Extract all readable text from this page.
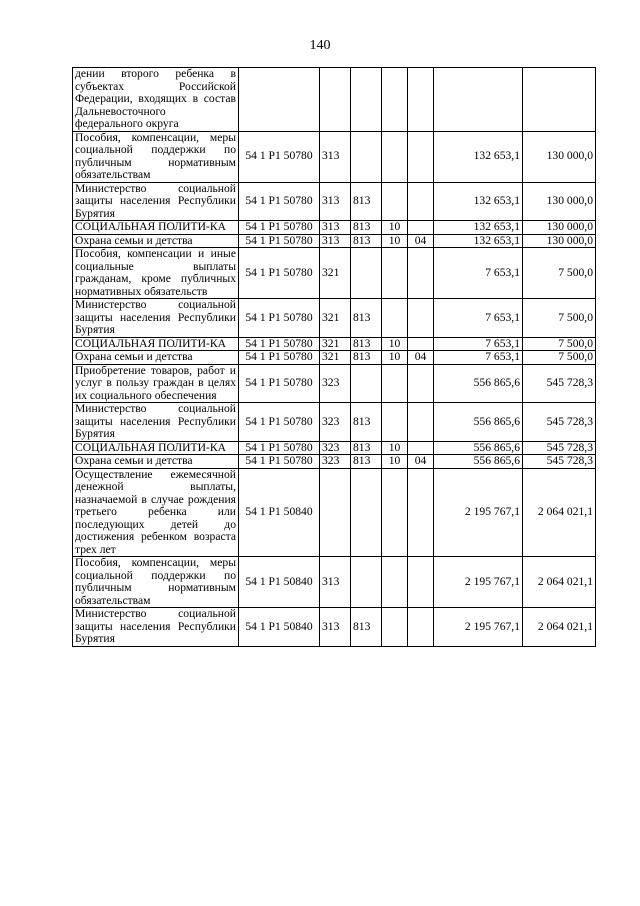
140
дении второго ребенка в субъектах Российской Федерации, входящих в состав Дальневосточного федерального округа							
Пособия, компенсации, меры социальной поддержки по публичным нормативным обязательствам	54 1 P1 50780	313				132 653,1	130 000,0
Министерство социальной защиты населения Республики Бурятия	54 1 P1 50780	313	813			132 653,1	130 000,0
СОЦИАЛЬНАЯ ПОЛИТИ-КА	54 1 P1 50780	313	813	10		132 653,1	130 000,0
Охрана семьи и детства	54 1 P1 50780	313	813	10	04	132 653,1	130 000,0
Пособия, компенсации и иные социальные выплаты гражданам, кроме публичных нормативных обязательств	54 1 P1 50780	321				7 653,1	7 500,0
Министерство социальной защиты населения Республики Бурятия	54 1 P1 50780	321	813			7 653,1	7 500,0
СОЦИАЛЬНАЯ ПОЛИТИ-КА	54 1 P1 50780	321	813	10		7 653,1	7 500,0
Охрана семьи и детства	54 1 P1 50780	321	813	10	04	7 653,1	7 500,0
Приобретение товаров, работ и услуг в пользу граждан в целях их социального обеспечения	54 1 P1 50780	323				556 865,6	545 728,3
Министерство социальной защиты населения Республики Бурятия	54 1 P1 50780	323	813			556 865,6	545 728,3
СОЦИАЛЬНАЯ ПОЛИТИ-КА	54 1 P1 50780	323	813	10		556 865,6	545 728,3
Охрана семьи и детства	54 1 P1 50780	323	813	10	04	556 865,6	545 728,3
Осуществление ежемесячной денежной выплаты, назначаемой в случае рождения третьего ребенка или последующих детей до достижения ребенком возраста трех лет	54 1 P1 50840					2 195 767,1	2 064 021,1
Пособия, компенсации, меры социальной поддержки по публичным нормативным обязательствам	54 1 P1 50840	313				2 195 767,1	2 064 021,1
Министерство социальной защиты населения Республики Бурятия	54 1 P1 50840	313	813			2 195 767,1	2 064 021,1
